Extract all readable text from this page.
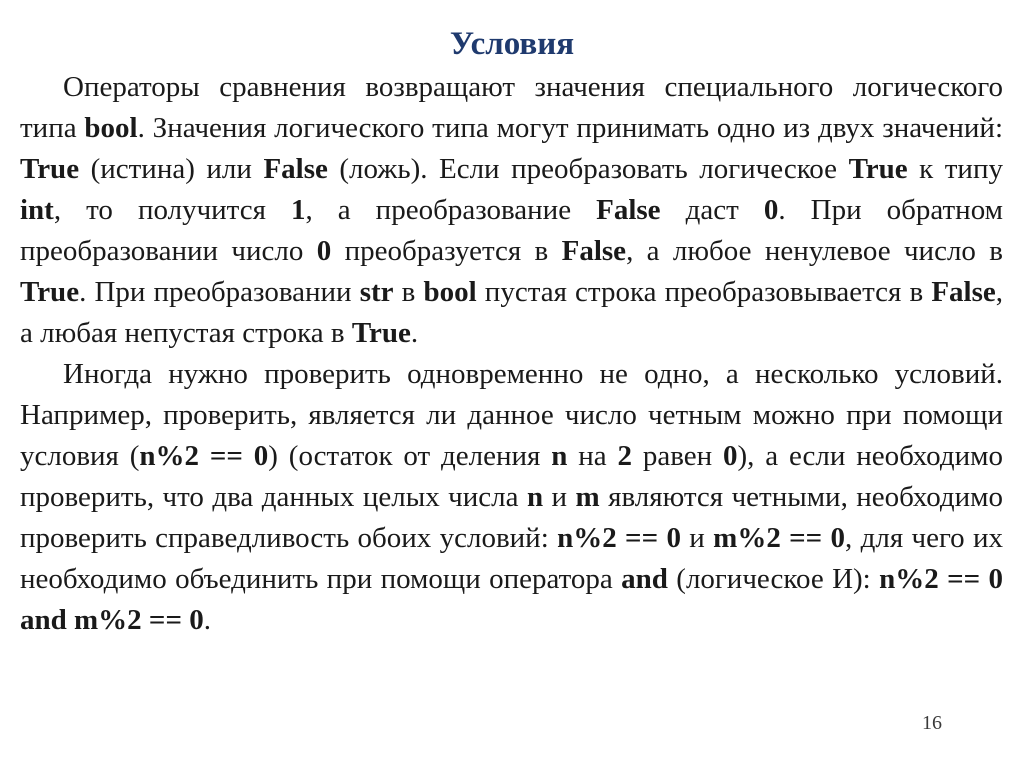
Условия

Операторы сравнения возвращают значения специального логического типа bool. Значения логического типа могут принимать одно из двух значений: True (истина) или False (ложь). Если преобразовать логическое True к типу int, то получится 1, а преобразование False даст 0. При обратном преобразовании число 0 преобразуется в False, а любое ненулевое число в True. При преобразовании str в bool пустая строка преобразовывается в False, а любая непустая строка в True.

Иногда нужно проверить одновременно не одно, а несколько условий. Например, проверить, является ли данное число четным можно при помощи условия (n%2 == 0) (остаток от деления n на 2 равен 0), а если необходимо проверить, что два данных целых числа n и m являются четными, необходимо проверить справедливость обоих условий: n%2 == 0 и m%2 == 0, для чего их необходимо объединить при помощи оператора and (логическое И): n%2 == 0 and m%2 == 0.

16
